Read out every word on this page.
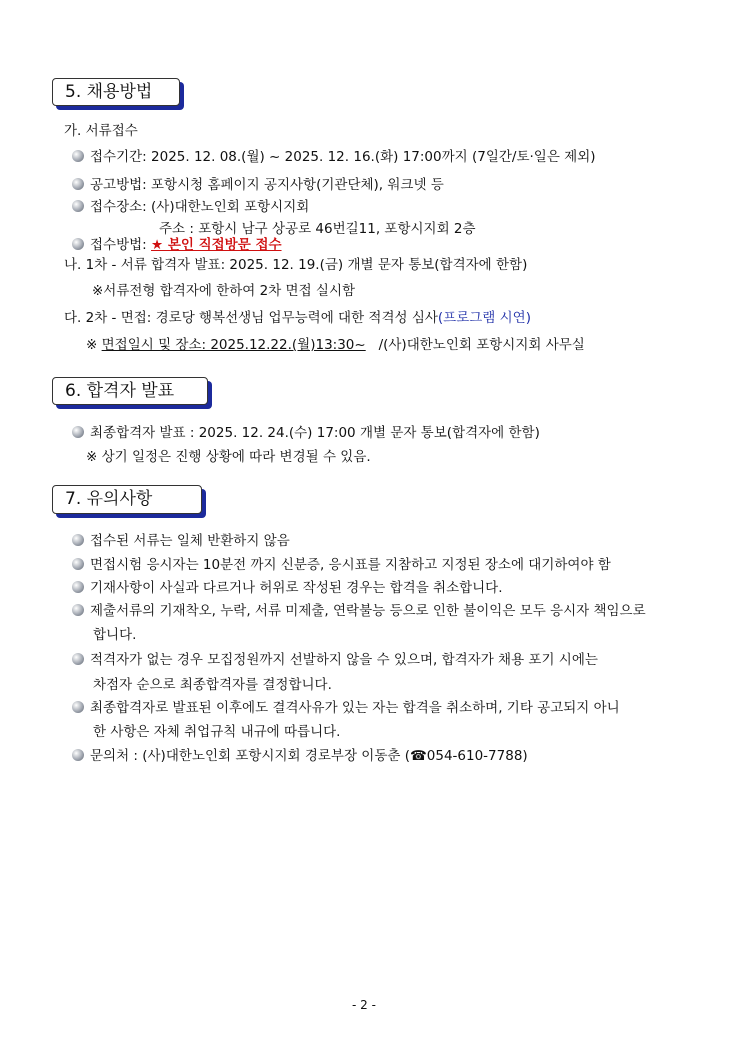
5. 채용방법
가. 서류접수
접수기간: 2025. 12. 08.(월) ~ 2025. 12. 16.(화) 17:00까지 (7일간/토·일은 제외)
공고방법: 포항시청 홈페이지 공지사항(기관단체), 워크넷 등
접수장소: (사)대한노인회 포항시지회
주소 : 포항시 남구 상공로 46번길11, 포항시지회 2층
접수방법: ★ 본인 직접방문 접수
나. 1차 - 서류 합격자 발표: 2025. 12. 19.(금) 개별 문자 통보(합격자에 한함)
※서류전형 합격자에 한하여 2차 면접 실시함
다. 2차 - 면접: 경로당 행복선생님 업무능력에 대한 적격성 심사(프로그램 시연)
※ 면접일시 및 장소: 2025.12.22.(월)13:30~ /(사)대한노인회 포항시지회 사무실
6. 합격자 발표
최종합격자 발표 : 2025. 12. 24.(수) 17:00 개별 문자 통보(합격자에 한함)
※ 상기 일정은 진행 상황에 따라 변경될 수 있음.
7. 유의사항
접수된 서류는 일체 반환하지 않음
면접시험 응시자는 10분전 까지 신분증, 응시표를 지참하고 지정된 장소에 대기하여야 함
기재사항이 사실과 다르거나 허위로 작성된 경우는 합격을 취소합니다.
제출서류의 기재착오, 누락, 서류 미제출, 연락불능 등으로 인한 불이익은 모두 응시자 책임으로
합니다.
적격자가 없는 경우 모집정원까지 선발하지 않을 수 있으며, 합격자가 채용 포기 시에는
차점자 순으로 최종합격자를 결정합니다.
최종합격자로 발표된 이후에도 결격사유가 있는 자는 합격을 취소하며, 기타 공고되지 아니
한 사항은 자체 취업규칙 내규에 따릅니다.
문의처 : (사)대한노인회 포항시지회 경로부장 이동춘 (☎054-610-7788)
- 2 -
